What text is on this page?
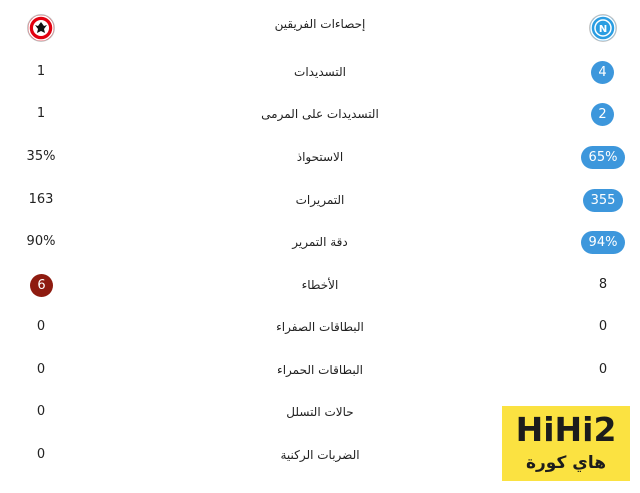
إحصاءات الفريقين	N
1	التسديدات	4
1	التسديدات على المرمى	2
35%	الاستحواذ	65%
163	التمريرات	355
90%	دقة التمرير	94%
6	الأخطاء	8
0	البطاقات الصفراء	0
0	البطاقات الحمراء	0
0	حالات التسلل
0	الضربات الركنية
HiHi2
هاي كورة
